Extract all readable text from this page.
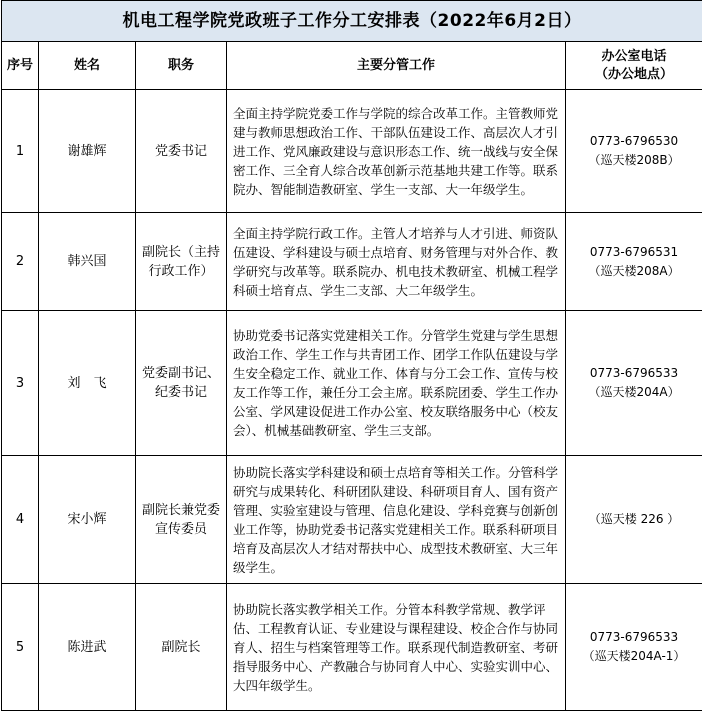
机电工程学院党政班子工作分工安排表（2022年6月2日）				
序号	姓名	职务	主要分管工作	办公室电话
（办公地点）

1	谢雄辉	党委书记	全面主持学院党委工作与学院的综合改革工作。主管教师党建与教师思想政治工作、干部队伍建设工作、高层次人才引进工作、党风廉政建设与意识形态工作、统一战线与安全保密工作、三全育人综合改革创新示范基地共建工作等。联系院办、智能制造教研室、学生一支部、大一年级学生。	0773-6796530
（巡天楼208B）

2	韩兴国	副院长（主持行政工作）	全面主持学院行政工作。主管人才培养与人才引进、师资队伍建设、学科建设与硕士点培育、财务管理与对外合作、教学研究与改革等。联系院办、机电技术教研室、机械工程学科硕士培育点、学生二支部、大二年级学生。	0773-6796531
（巡天楼208A）

3	刘　飞	党委副书记、纪委书记	协助党委书记落实党建相关工作。分管学生党建与学生思想政治工作、学生工作与共青团工作、团学工作队伍建设与学生安全稳定工作、就业工作、体育与分工会工作、宣传与校友工作等工作，兼任分工会主席。联系院团委、学生工作办公室、学风建设促进工作办公室、校友联络服务中心（校友会）、机械基础教研室、学生三支部。	0773-6796533
（巡天楼204A）

4	宋小辉	副院长兼党委宣传委员	协助院长落实学科建设和硕士点培育等相关工作。分管科学研究与成果转化、科研团队建设、科研项目育人、国有资产管理、实验室建设与管理、信息化建设、学科竞赛与创新创业工作等，协助党委书记落实党建相关工作。联系科研项目培育及高层次人才结对帮扶中心、成型技术教研室、大三年级学生。	（巡天楼 226 ）

5	陈进武	副院长	协助院长落实教学相关工作。分管本科教学常规、教学评估、工程教育认证、专业建设与课程建设、校企合作与协同育人、招生与档案管理等工作。联系现代制造教研室、考研指导服务中心、产教融合与协同育人中心、实验实训中心、大四年级学生。	0773-6796533
（巡天楼204A-1）
